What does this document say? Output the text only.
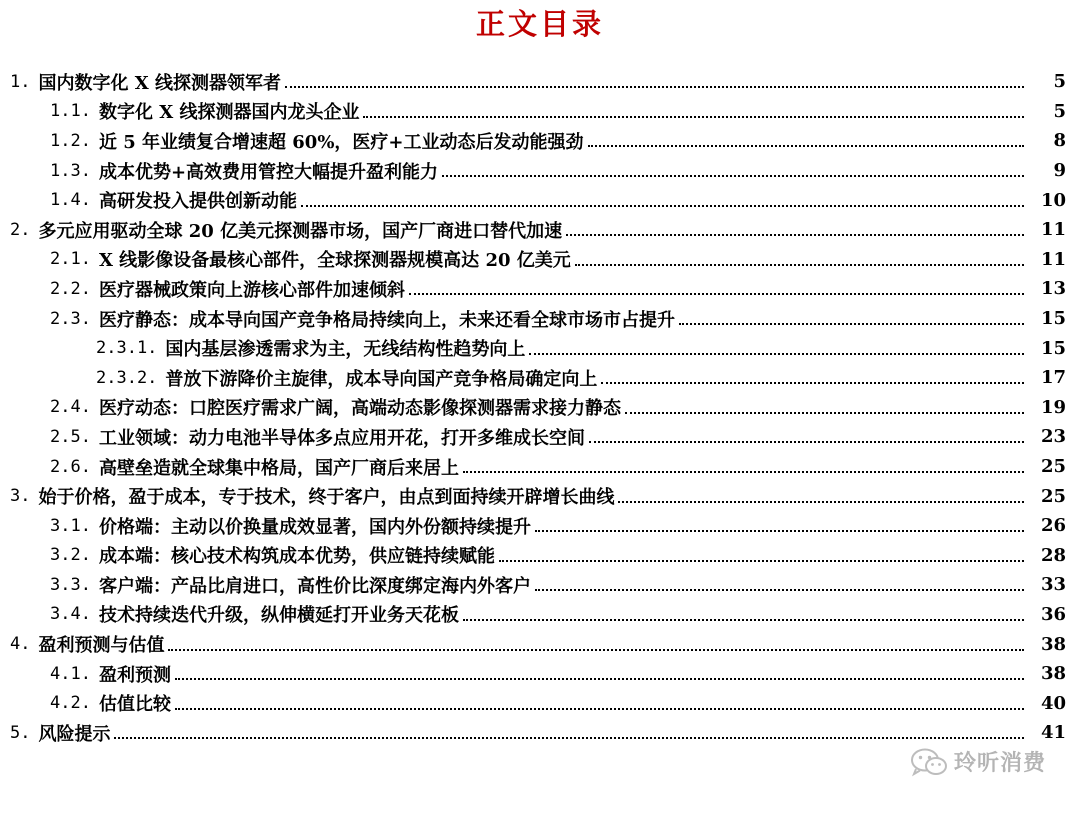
正文目录
1. 国内数字化 X 线探测器领军者	5
1.1. 数字化 X 线探测器国内龙头企业	5
1.2. 近 5 年业绩复合增速超 60%，医疗+工业动态后发动能强劲	8
1.3. 成本优势+高效费用管控大幅提升盈利能力	9
1.4. 高研发投入提供创新动能	10
2. 多元应用驱动全球 20 亿美元探测器市场，国产厂商进口替代加速	11
2.1. X 线影像设备最核心部件，全球探测器规模高达 20 亿美元	11
2.2. 医疗器械政策向上游核心部件加速倾斜	13
2.3. 医疗静态：成本导向国产竞争格局持续向上，未来还看全球市场市占提升	15
2.3.1. 国内基层渗透需求为主，无线结构性趋势向上	15
2.3.2. 普放下游降价主旋律，成本导向国产竞争格局确定向上	17
2.4. 医疗动态：口腔医疗需求广阔，高端动态影像探测器需求接力静态	19
2.5. 工业领域：动力电池半导体多点应用开花，打开多维成长空间	23
2.6. 高壁垒造就全球集中格局，国产厂商后来居上	25
3. 始于价格，盈于成本，专于技术，终于客户，由点到面持续开辟增长曲线	25
3.1. 价格端：主动以价换量成效显著，国内外份额持续提升	26
3.2. 成本端：核心技术构筑成本优势，供应链持续赋能	28
3.3. 客户端：产品比肩进口，高性价比深度绑定海内外客户	33
3.4. 技术持续迭代升级，纵伸横延打开业务天花板	36
4. 盈利预测与估值	38
4.1. 盈利预测	38
4.2. 估值比较	40
5. 风险提示	41
玲听消费
